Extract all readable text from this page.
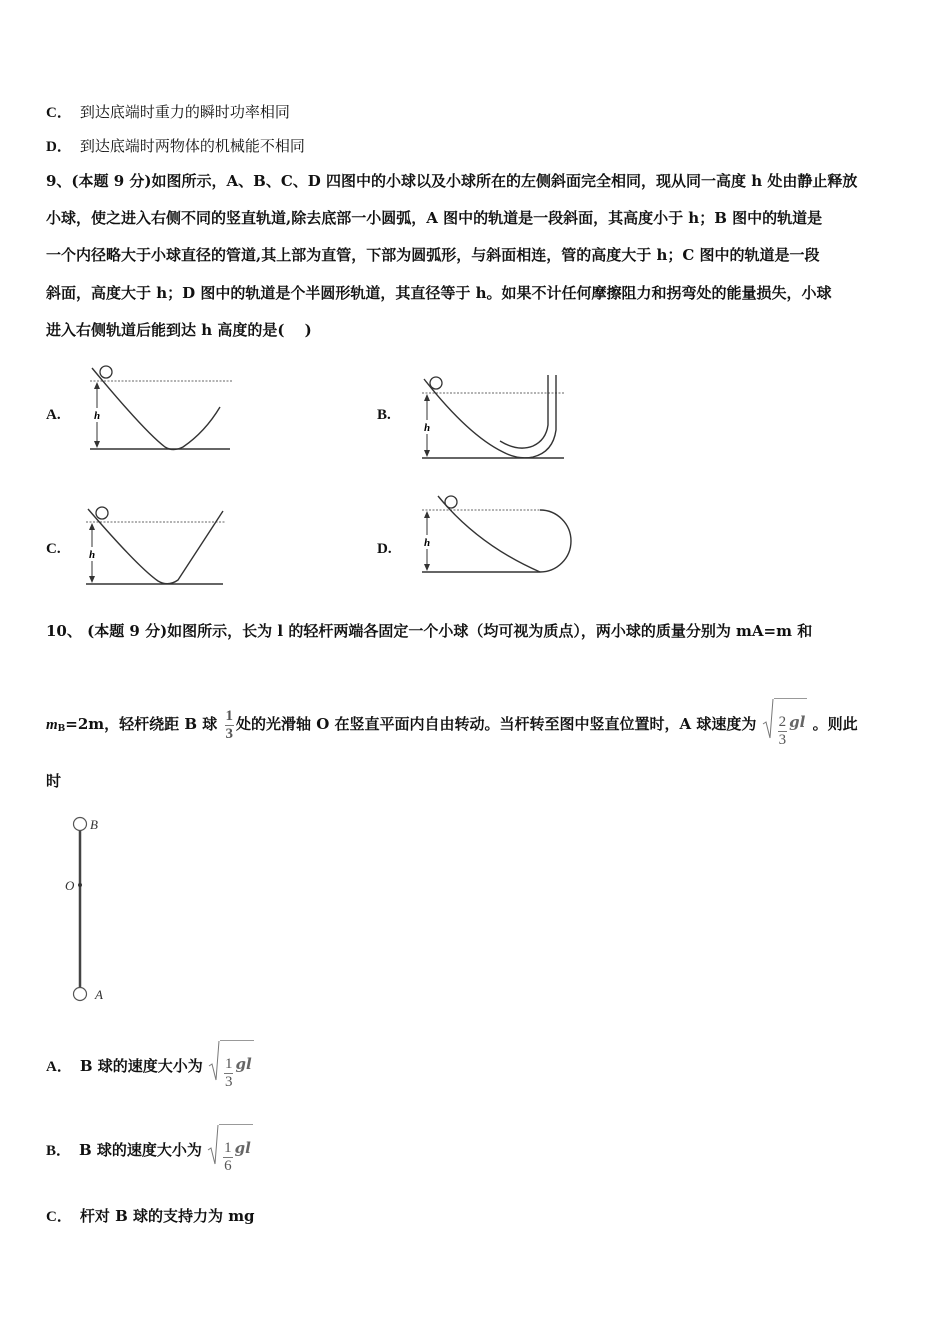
C． 到达底端时重力的瞬时功率相同
D． 到达底端时两物体的机械能不相同
9、(本题 9 分)如图所示，A、B、C、D 四图中的小球以及小球所在的左侧斜面完全相同，现从同一高度 h 处由静止释放
小球，使之进入右侧不同的竖直轨道,除去底部一小圆弧，A 图中的轨道是一段斜面，其高度小于 h；B 图中的轨道是
一个内径略大于小球直径的管道,其上部为直管，下部为圆弧形，与斜面相连，管的高度大于 h；C 图中的轨道是一段
斜面，高度大于 h；D 图中的轨道是个半圆形轨道，其直径等于 h。如果不计任何摩擦阻力和拐弯处的能量损失，小球
进入右侧轨道后能到达 h 高度的是(　 )
A.	h	B.
h
C.	h	D.	h
10、 (本题 9 分)如图所示，长为 l 的轻杆两端各固定一个小球（均可视为质点），两小球的质量分别为 mA=m 和
$m_B=2m$，轻杆绕距 B 球 $\frac{1}{3}$ 处的光滑轴 O 在竖直平面内自由转动。当杆转至图中竖直位置时，A 球速度为 $\frac{2}{3}$ gl 。则此
时
B
O
A
A． B 球的速度大小为 $\frac{1}{3}$ gl
B． B 球的速度大小为 $\frac{1}{6}$ gl
C． 杆对 B 球的支持力为 mg
